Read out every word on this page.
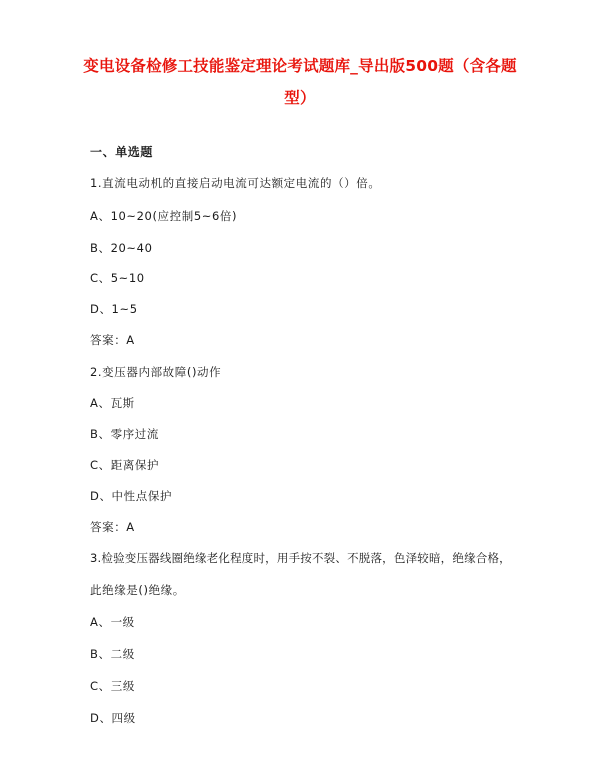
变电设备检修工技能鉴定理论考试题库_导出版500题（含各题
型）
一、单选题
1.直流电动机的直接启动电流可达额定电流的（）倍。
A、10~20(应控制5~6倍)
B、20~40
C、5~10
D、1~5
答案：A
2.变压器内部故障()动作
A、瓦斯
B、零序过流
C、距离保护
D、中性点保护
答案：A
3.检验变压器线圈绝缘老化程度时，用手按不裂、不脱落，色泽较暗，绝缘合格，
此绝缘是()绝缘。
A、一级
B、二级
C、三级
D、四级
